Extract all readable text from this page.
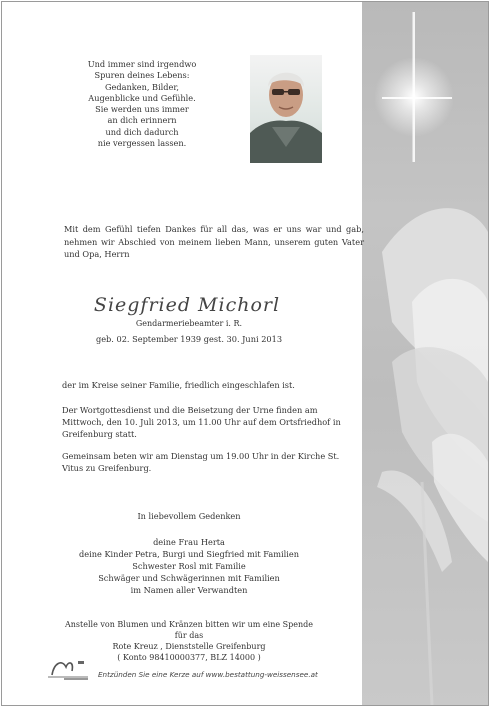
Und immer sind irgendwo
Spuren deines Lebens:
Gedanken, Bilder,
Augenblicke und Gefühle.
Sie werden uns immer
an dich erinnern
und dich dadurch
nie vergessen lassen.
Mit dem Gefühl tiefen Dankes für all das, was er uns war und gab, nehmen wir Abschied von meinem lieben Mann, unserem guten Vater und Opa, Herrn
Siegfried Michorl
Gendarmeriebeamter i. R.
geb. 02. September 1939 gest. 30. Juni 2013
der im Kreise seiner Familie, friedlich eingeschlafen ist.
Der Wortgottesdienst und die Beisetzung der Urne finden am Mittwoch, den 10. Juli 2013, um 11.00 Uhr auf dem Ortsfriedhof in Greifenburg statt.
Gemeinsam beten wir am Dienstag um 19.00 Uhr in der Kirche St. Vitus zu Greifenburg.
In liebevollem Gedenken
deine Frau Herta
deine Kinder Petra, Burgi und Siegfried mit Familien
Schwester Rosl mit Familie
Schwäger und Schwägerinnen mit Familien
im Namen aller Verwandten
Anstelle von Blumen und Kränzen bitten wir um eine Spende für das
Rote Kreuz , Dienststelle Greifenburg
( Konto 98410000377, BLZ 14000 )
Entzünden Sie eine Kerze auf www.bestattung-weissensee.at
